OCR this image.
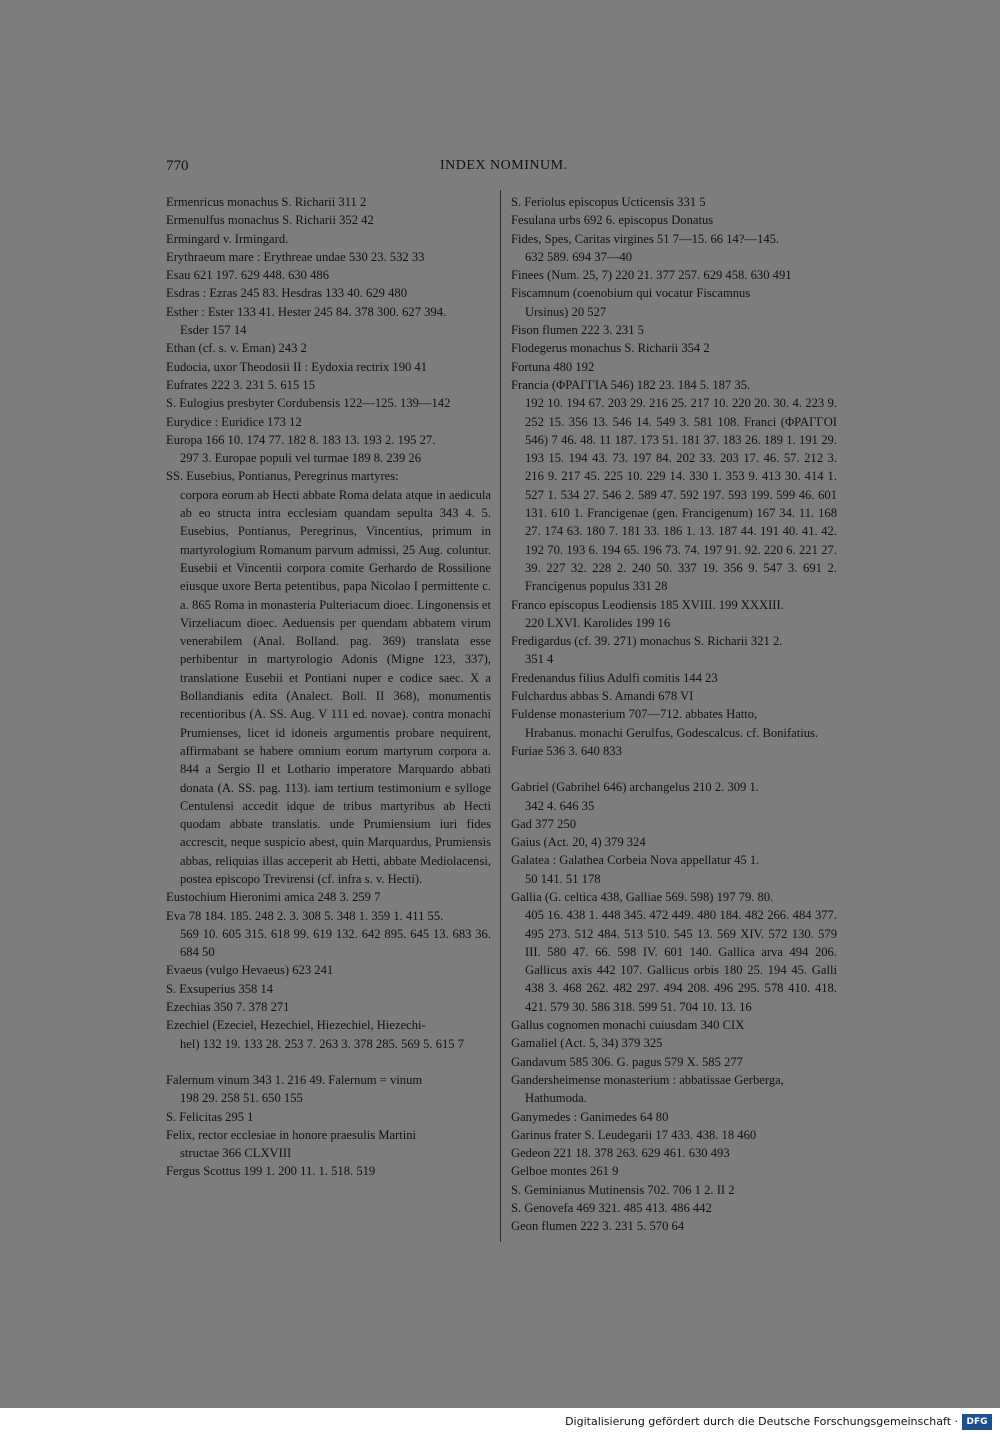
770	INDEX NOMINUM.
Ermenricus monachus S. Richarii 311 2
Ermenulfus monachus S. Richarii 352 42
Ermingard v. Irmingard.
Erythraeum mare : Erythreae undae 530 23. 532 33
Esau 621 197. 629 448. 630 486
Esdras : Ezras 245 83. Hesdras 133 40. 629 480
Esther : Ester 133 41. Hester 245 84. 378 300. 627 394.
Esder 157 14
Ethan (cf. s. v. Eman) 243 2
Eudocia, uxor Theodosii II : Eydoxia rectrix 190 41
Eufrates 222 3. 231 5. 615 15
S. Eulogius presbyter Cordubensis 122—125. 139—142
Eurydice : Euridice 173 12
Europa 166 10. 174 77. 182 8. 183 13. 193 2. 195 27.
297 3. Europae populi vel turmae 189 8. 239 26
SS. Eusebius, Pontianus, Peregrinus martyres:
corpora eorum ab Hecti abbate Roma delata atque in aedicula ab eo structa intra ecclesiam quandam sepulta 343 4. 5. Eusebius, Pontianus, Peregrinus, Vincentius, primum in martyrologium Romanum parvum admissi, 25 Aug. coluntur. Eusebii et Vincentii corpora comite Gerhardo de Rossilione eiusque uxore Berta petentibus, papa Nicolao I permittente c. a. 865 Roma in monasteria Pulteriacum dioec. Lingonensis et Virzeliacum dioec. Aeduensis per quendam abbatem virum venerabilem (Anal. Bolland. pag. 369) translata esse perhibentur in martyrologio Adonis (Migne 123, 337), translatione Eusebii et Pontiani nuper e codice saec. X a Bollandianis edita (Analect. Boll. II 368), monumentis recentioribus (A. SS. Aug. V 111 ed. novae). contra monachi Prumienses, licet id idoneis argumentis probare nequirent, affirmabant se habere omnium eorum martyrum corpora a. 844 a Sergio II et Lothario imperatore Marquardo abbati donata (A. SS. pag. 113). iam tertium testimonium e sylloge Centulensi accedit idque de tribus martyribus ab Hecti quodam abbate translatis. unde Prumiensium iuri fides accrescit, neque suspicio abest, quin Marquardus, Prumiensis abbas, reliquias illas acceperit ab Hetti, abbate Mediolacensi, postea episcopo Trevirensi (cf. infra s. v. Hecti).
Eustochium Hieronimi amica 248 3. 259 7
Eva 78 184. 185. 248 2. 3. 308 5. 348 1. 359 1. 411 55.
569 10. 605 315. 618 99. 619 132. 642 895. 645 13. 683 36. 684 50
Evaeus (vulgo Hevaeus) 623 241
S. Exsuperius 358 14
Ezechias 350 7. 378 271
Ezechiel (Ezeciel, Hezechiel, Hiezechiel, Hiezechi-
hel) 132 19. 133 28. 253 7. 263 3. 378 285. 569 5. 615 7
Falernum vinum 343 1. 216 49. Falernum = vinum
198 29. 258 51. 650 155
S. Felicitas 295 1
Felix, rector ecclesiae in honore praesulis Martini
structae 366 CLXVIII
Fergus Scottus 199 1. 200 11. 1. 518. 519
S. Feriolus episcopus Ucticensis 331 5
Fesulana urbs 692 6. episcopus Donatus
Fides, Spes, Caritas virgines 51 7—15. 66 14?—145.
632 589. 694 37—40
Finees (Num. 25, 7) 220 21. 377 257. 629 458. 630 491
Fiscamnum (coenobium qui vocatur Fiscamnus
Ursinus) 20 527
Fison flumen 222 3. 231 5
Flodegerus monachus S. Richarii 354 2
Fortuna 480 192
Francia (ΦΡΑΓΓΙΑ 546) 182 23. 184 5. 187 35.
192 10. 194 67. 203 29. 216 25. 217 10. 220 20. 30. 4. 223 9. 252 15. 356 13. 546 14. 549 3. 581 108. Franci (ΦΡΑΓΓΟΙ 546) 7 46. 48. 11 187. 173 51. 181 37. 183 26. 189 1. 191 29. 193 15. 194 43. 73. 197 84. 202 33. 203 17. 46. 57. 212 3. 216 9. 217 45. 225 10. 229 14. 330 1. 353 9. 413 30. 414 1. 527 1. 534 27. 546 2. 589 47. 592 197. 593 199. 599 46. 601 131. 610 1. Francigenae (gen. Francigenum) 167 34. 11. 168 27. 174 63. 180 7. 181 33. 186 1. 13. 187 44. 191 40. 41. 42. 192 70. 193 6. 194 65. 196 73. 74. 197 91. 92. 220 6. 221 27. 39. 227 32. 228 2. 240 50. 337 19. 356 9. 547 3. 691 2. Francigenus populus 331 28
Franco episcopus Leodiensis 185 XVIII. 199 XXXIII.
220 LXVI. Karolides 199 16
Fredigardus (cf. 39. 271) monachus S. Richarii 321 2.
351 4
Fredenandus filius Adulfi comitis 144 23
Fulchardus abbas S. Amandi 678 VI
Fuldense monasterium 707—712. abbates Hatto,
Hrabanus. monachi Gerulfus, Godescalcus. cf. Bonifatius.
Furiae 536 3. 640 833
Gabriel (Gabrihel 646) archangelus 210 2. 309 1.
342 4. 646 35
Gad 377 250
Gaius (Act. 20, 4) 379 324
Galatea : Galathea Corbeia Nova appellatur 45 1.
50 141. 51 178
Gallia (G. celtica 438, Galliae 569. 598) 197 79. 80.
405 16. 438 1. 448 345. 472 449. 480 184. 482 266. 484 377. 495 273. 512 484. 513 510. 545 13. 569 XIV. 572 130. 579 III. 580 47. 66. 598 IV. 601 140. Gallica arva 494 206. Gallicus axis 442 107. Gallicus orbis 180 25. 194 45. Galli 438 3. 468 262. 482 297. 494 208. 496 295. 578 410. 418. 421. 579 30. 586 318. 599 51. 704 10. 13. 16
Gallus cognomen monachi cuiusdam 340 CIX
Gamaliel (Act. 5, 34) 379 325
Gandavum 585 306. G. pagus 579 X. 585 277
Gandersheimense monasterium : abbatissae Gerberga,
Hathumoda.
Ganymedes : Ganimedes 64 80
Garinus frater S. Leudegarii 17 433. 438. 18 460
Gedeon 221 18. 378 263. 629 461. 630 493
Gelboe montes 261 9
S. Geminianus Mutinensis 702. 706 1 2. II 2
S. Genovefa 469 321. 485 413. 486 442
Geon flumen 222 3. 231 5. 570 64
Digitalisierung gefördert durch die Deutsche Forschungsgemeinschaft · DFG
